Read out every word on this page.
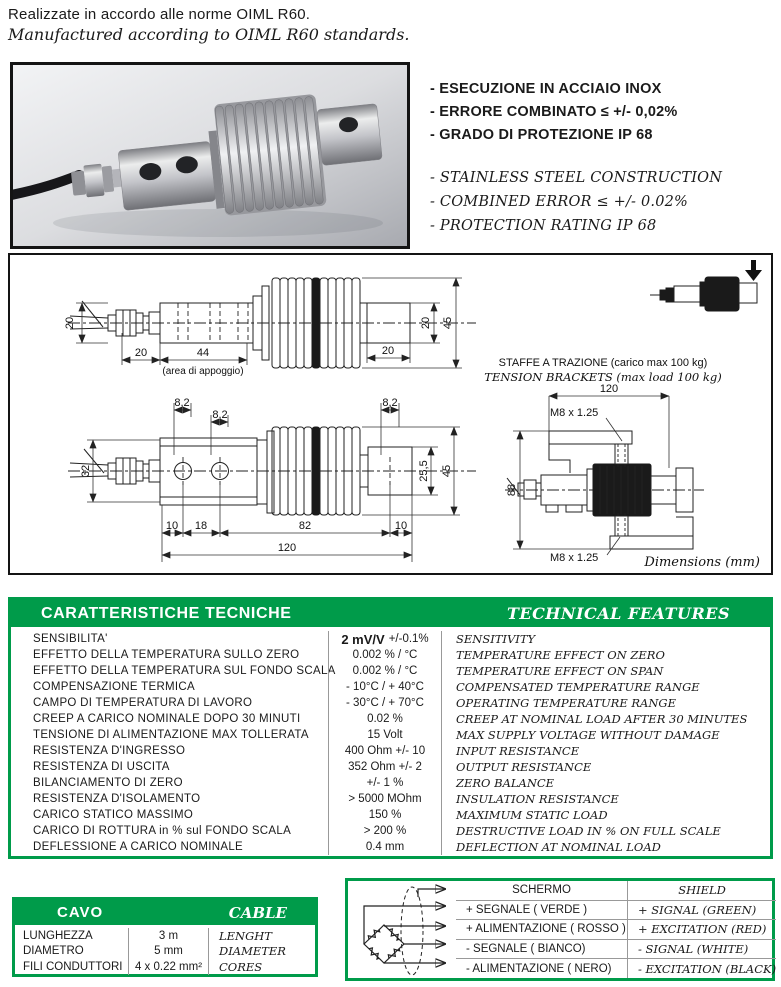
Realizzate in accordo alle norme OIML R60.
Manufactured according to OIML R60 standards.
- ESECUZIONE IN ACCIAIO INOX
- ERRORE COMBINATO ≤ +/- 0,02%
- GRADO DI PROTEZIONE IP 68
- STAINLESS STEEL CONSTRUCTION
- COMBINED ERROR ≤ +/- 0.02%
- PROTECTION RATING IP 68
20
20	44
(area di appoggio)
20
20 45
8,2
8,2
8,2
32	25,5 45
10 18	82	10
120
STAFFE A TRAZIONE (carico max 100 kg)
TENSION BRACKETS (max load 100 kg)
120
M8 x 1.25
88
M8 x 1.25	Dimensions (mm)
CARATTERISTICHE TECNICHE	TECHNICAL FEATURES
SENSIBILITA'	2 mV/V +/-0.1%	SENSITIVITY
EFFETTO DELLA TEMPERATURA SULLO ZERO	0.002 % / °C	TEMPERATURE EFFECT ON ZERO
EFFETTO DELLA TEMPERATURA SUL FONDO SCALA	0.002 % / °C	TEMPERATURE EFFECT ON SPAN
COMPENSAZIONE TERMICA	- 10°C / + 40°C	COMPENSATED TEMPERATURE RANGE
CAMPO DI TEMPERATURA DI LAVORO	- 30°C / + 70°C	OPERATING TEMPERATURE RANGE
CREEP A CARICO NOMINALE DOPO 30 MINUTI	0.02 %	CREEP AT NOMINAL LOAD AFTER 30 MINUTES
TENSIONE DI ALIMENTAZIONE MAX TOLLERATA	15 Volt	MAX SUPPLY VOLTAGE WITHOUT DAMAGE
RESISTENZA D'INGRESSO	400 Ohm +/- 10	INPUT RESISTANCE
RESISTENZA DI USCITA	352 Ohm +/- 2	OUTPUT RESISTANCE
BILANCIAMENTO DI ZERO	+/- 1 %	ZERO BALANCE
RESISTENZA D'ISOLAMENTO	> 5000 MOhm	INSULATION RESISTANCE
CARICO STATICO MASSIMO	150 %	MAXIMUM STATIC LOAD
CARICO DI ROTTURA in % sul FONDO SCALA	> 200 %	DESTRUCTIVE LOAD IN % ON FULL SCALE
DEFLESSIONE A CARICO NOMINALE	0.4 mm	DEFLECTION AT NOMINAL LOAD
CAVO	CABLE
LUNGHEZZA	3 m	LENGHT
DIAMETRO	5 mm	DIAMETER
FILI CONDUTTORI	4 x 0.22 mm²	CORES
SCHERMO	SHIELD
+ SEGNALE ( VERDE )	+ SIGNAL (GREEN)
+ ALIMENTAZIONE ( ROSSO )	+ EXCITATION (RED)
- SEGNALE ( BIANCO)	- SIGNAL (WHITE)
- ALIMENTAZIONE ( NERO)	- EXCITATION (BLACK)
